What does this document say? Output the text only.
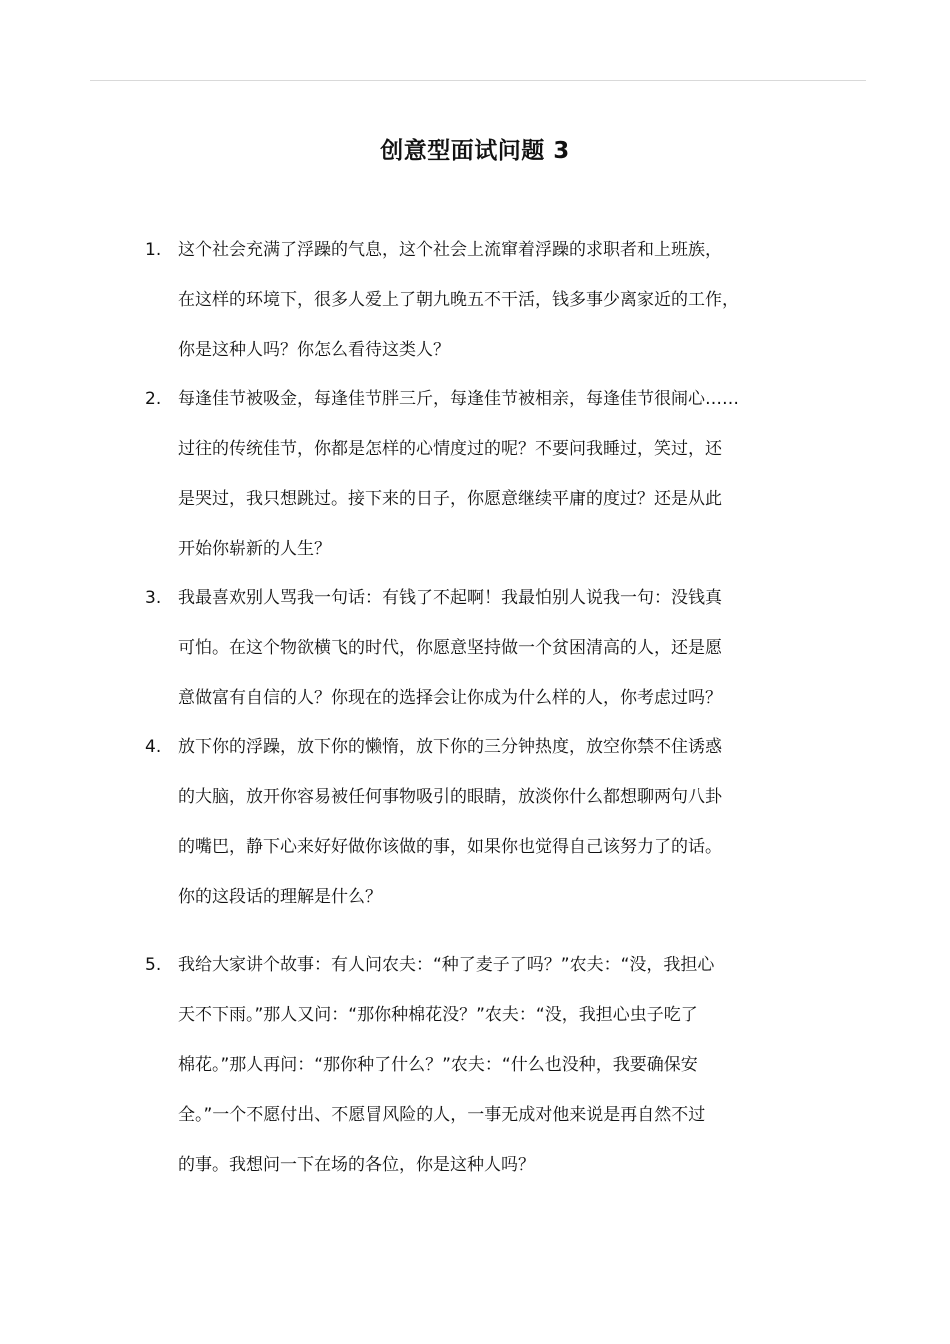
创意型面试问题 3
1. 这个社会充满了浮躁的气息，这个社会上流窜着浮躁的求职者和上班族，
在这样的环境下，很多人爱上了朝九晚五不干活，钱多事少离家近的工作，
你是这种人吗？你怎么看待这类人？
2. 每逢佳节被吸金，每逢佳节胖三斤，每逢佳节被相亲，每逢佳节很闹心……
过往的传统佳节，你都是怎样的心情度过的呢？不要问我睡过，笑过，还
是哭过，我只想跳过。接下来的日子，你愿意继续平庸的度过？还是从此
开始你崭新的人生？
3. 我最喜欢别人骂我一句话：有钱了不起啊！我最怕别人说我一句：没钱真
可怕。在这个物欲横飞的时代，你愿意坚持做一个贫困清高的人，还是愿
意做富有自信的人？你现在的选择会让你成为什么样的人，你考虑过吗？
4. 放下你的浮躁，放下你的懒惰，放下你的三分钟热度，放空你禁不住诱惑
的大脑，放开你容易被任何事物吸引的眼睛，放淡你什么都想聊两句八卦
的嘴巴，静下心来好好做你该做的事，如果你也觉得自己该努力了的话。
你的这段话的理解是什么？
5. 我给大家讲个故事：有人问农夫：“种了麦子了吗？”农夫：“没，我担心
天不下雨。”那人又问：“那你种棉花没？”农夫：“没，我担心虫子吃了
棉花。”那人再问：“那你种了什么？”农夫：“什么也没种，我要确保安
全。”一个不愿付出、不愿冒风险的人，一事无成对他来说是再自然不过
的事。我想问一下在场的各位，你是这种人吗？
